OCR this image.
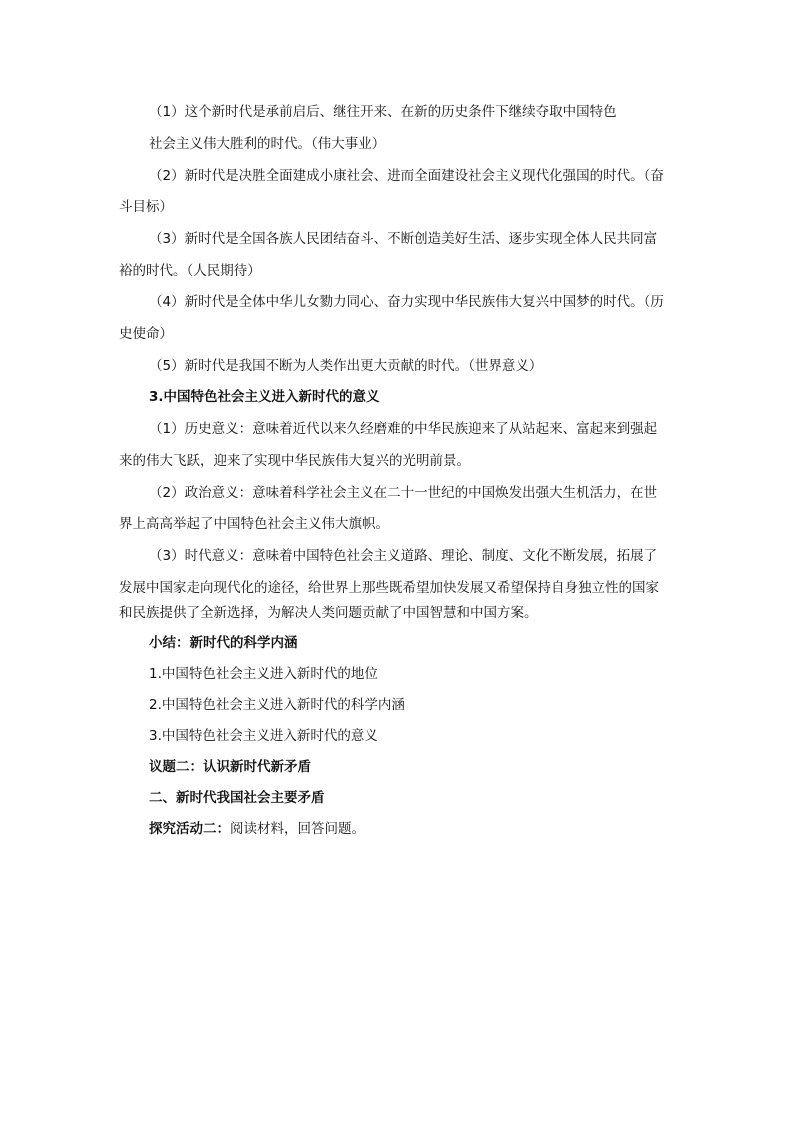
（1）这个新时代是承前启后、继往开来、在新的历史条件下继续夺取中国特色
社会主义伟大胜利的时代。（伟大事业）
（2）新时代是决胜全面建成小康社会、进而全面建设社会主义现代化强国的时代。（奋
斗目标）
（3）新时代是全国各族人民团结奋斗、不断创造美好生活、逐步实现全体人民共同富
裕的时代。（人民期待）
（4）新时代是全体中华儿女勠力同心、奋力实现中华民族伟大复兴中国梦的时代。（历
史使命）
（5）新时代是我国不断为人类作出更大贡献的时代。（世界意义）
3.中国特色社会主义进入新时代的意义
（1）历史意义：意味着近代以来久经磨难的中华民族迎来了从站起来、富起来到强起
来的伟大飞跃，迎来了实现中华民族伟大复兴的光明前景。
（2）政治意义：意味着科学社会主义在二十一世纪的中国焕发出强大生机活力，在世
界上高高举起了中国特色社会主义伟大旗帜。
（3）时代意义：意味着中国特色社会主义道路、理论、制度、文化不断发展，拓展了
发展中国家走向现代化的途径，给世界上那些既希望加快发展又希望保持自身独立性的国家
和民族提供了全新选择，为解决人类问题贡献了中国智慧和中国方案。
小结：新时代的科学内涵
1.中国特色社会主义进入新时代的地位
2.中国特色社会主义进入新时代的科学内涵
3.中国特色社会主义进入新时代的意义
议题二：认识新时代新矛盾
二、新时代我国社会主要矛盾
探究活动二：阅读材料，回答问题。
